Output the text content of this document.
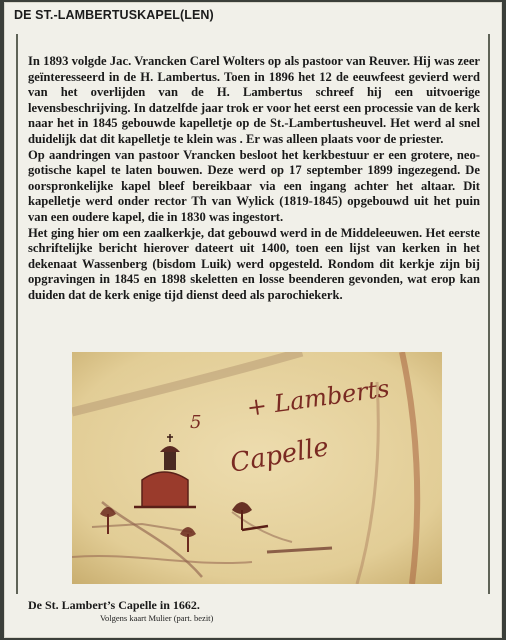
DE ST.-LAMBERTUSKAPEL(LEN)

In 1893 volgde Jac. Vrancken Carel Wolters op als pastoor van Reuver. Hij was zeer geïnteresseerd in de H. Lambertus. Toen in 1896 het 12 de eeuwfeest gevierd werd van het overlijden van de H. Lambertus schreef hij een uitvoerige levensbeschrijving. In datzelfde jaar trok er voor het eerst een processie van de kerk naar het in 1845 gebouwde kapelletje op de St.-Lambertusheuvel. Het werd al snel duidelijk dat dit kapelletje te klein was . Er was alleen plaats voor de priester.

Op aandringen van pastoor Vrancken besloot het kerkbestuur er een grotere, neo-gotische kapel te laten bouwen. Deze werd op 17 september 1899 ingezegend. De oorspronkelijke kapel bleef bereikbaar via een ingang achter het altaar. Dit kapelletje werd onder rector Th van Wylick (1819-1845) opgebouwd uit het puin van een oudere kapel, die in 1830 was ingestort.

Het ging hier om een zaalkerkje, dat gebouwd werd in de Middeleeuwen. Het eerste schriftelijke bericht hierover dateert uit 1400, toen een lijst van kerken in het dekenaat Wassenberg (bisdom Luik) werd opgesteld. Rondom dit kerkje zijn bij opgravingen in 1845 en 1898 skeletten en losse beenderen gevonden, wat erop kan duiden dat de kerk enige tijd dienst deed als parochiekerk.

5
+ Lamberts
Capelle
De St. Lambert’s Capelle in 1662.
Volgens kaart Mulier (part. bezit)
